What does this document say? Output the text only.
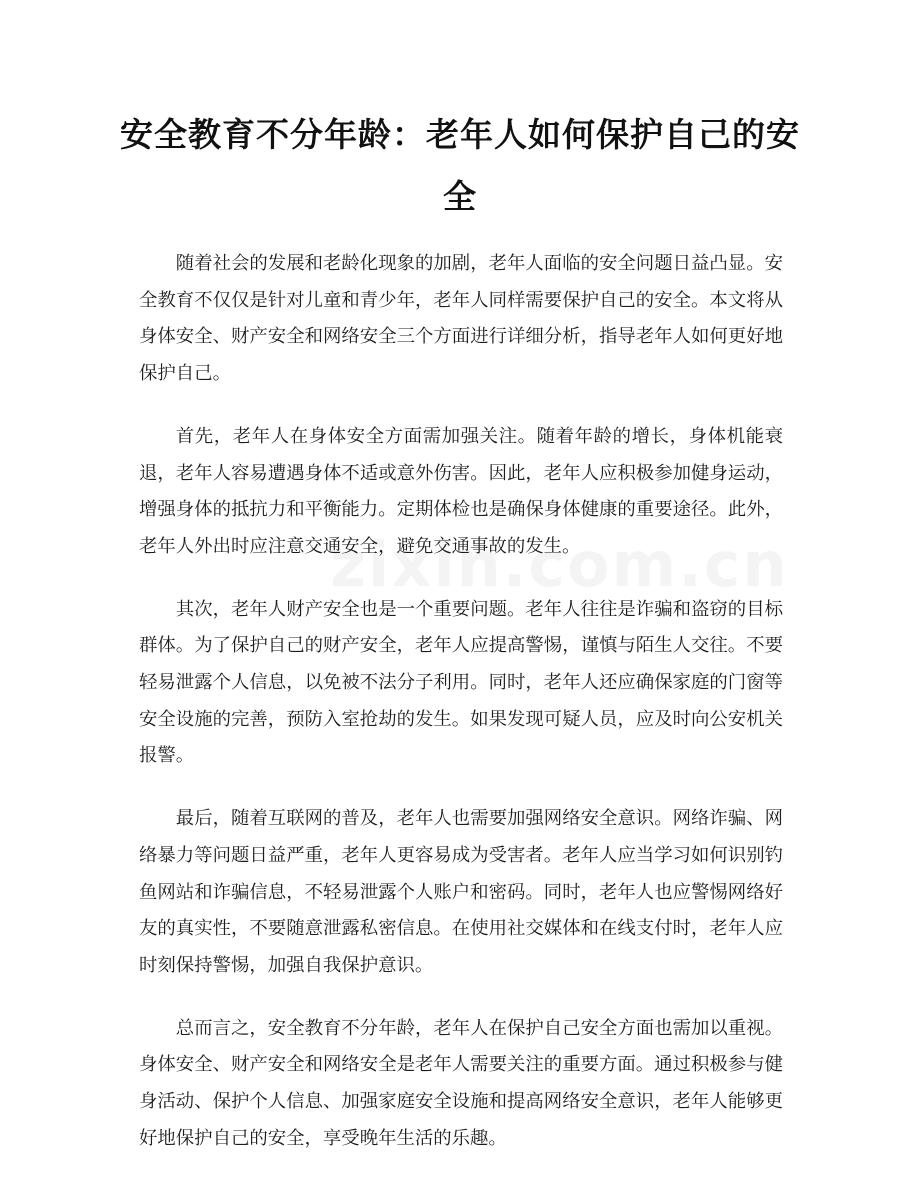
安全教育不分年龄：老年人如何保护自己的安全

随着社会的发展和老龄化现象的加剧，老年人面临的安全问题日益凸显。安全教育不仅仅是针对儿童和青少年，老年人同样需要保护自己的安全。本文将从身体安全、财产安全和网络安全三个方面进行详细分析，指导老年人如何更好地保护自己。

首先，老年人在身体安全方面需加强关注。随着年龄的增长，身体机能衰退，老年人容易遭遇身体不适或意外伤害。因此，老年人应积极参加健身运动，增强身体的抵抗力和平衡能力。定期体检也是确保身体健康的重要途径。此外，老年人外出时应注意交通安全，避免交通事故的发生。

其次，老年人财产安全也是一个重要问题。老年人往往是诈骗和盗窃的目标群体。为了保护自己的财产安全，老年人应提高警惕，谨慎与陌生人交往。不要轻易泄露个人信息，以免被不法分子利用。同时，老年人还应确保家庭的门窗等安全设施的完善，预防入室抢劫的发生。如果发现可疑人员，应及时向公安机关报警。

最后，随着互联网的普及，老年人也需要加强网络安全意识。网络诈骗、网络暴力等问题日益严重，老年人更容易成为受害者。老年人应当学习如何识别钓鱼网站和诈骗信息，不轻易泄露个人账户和密码。同时，老年人也应警惕网络好友的真实性，不要随意泄露私密信息。在使用社交媒体和在线支付时，老年人应时刻保持警惕，加强自我保护意识。

总而言之，安全教育不分年龄，老年人在保护自己安全方面也需加以重视。身体安全、财产安全和网络安全是老年人需要关注的重要方面。通过积极参与健身活动、保护个人信息、加强家庭安全设施和提高网络安全意识，老年人能够更好地保护自己的安全，享受晚年生活的乐趣。
